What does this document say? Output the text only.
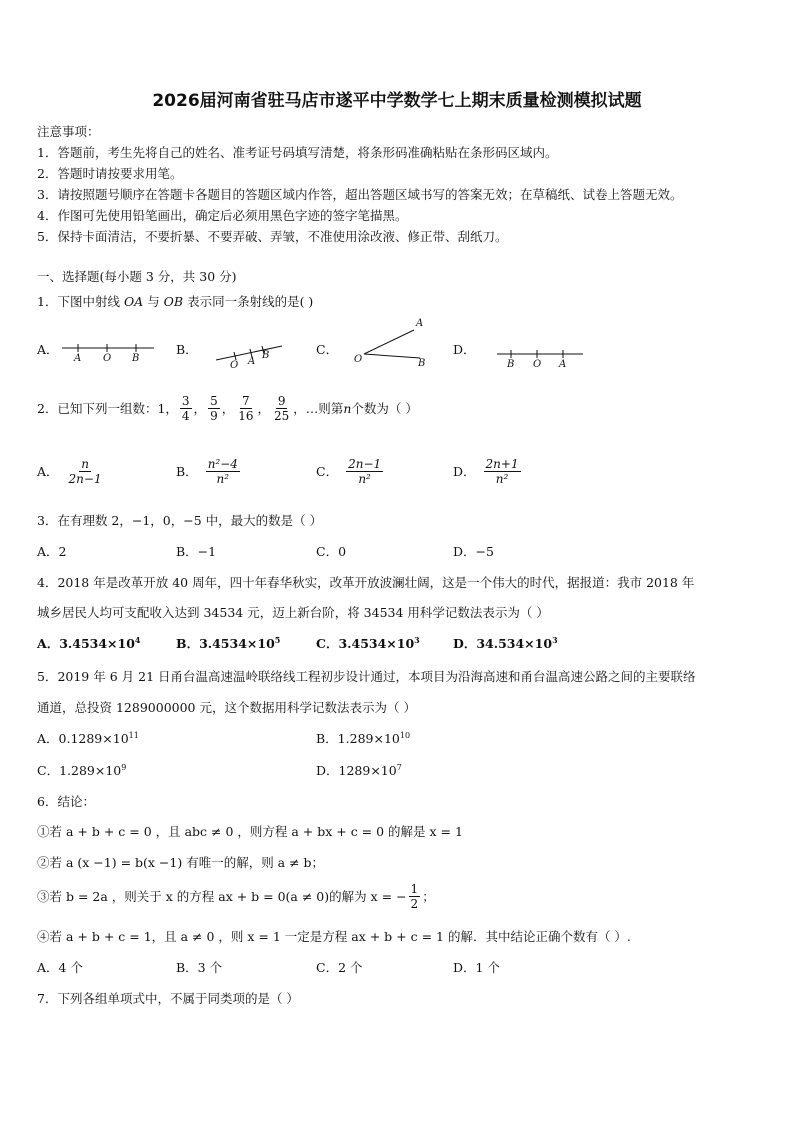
2026届河南省驻马店市遂平中学数学七上期末质量检测模拟试题
注意事项：
1．答题前，考生先将自己的姓名、准考证号码填写清楚，将条形码准确粘贴在条形码区域内。
2．答题时请按要求用笔。
3．请按照题号顺序在答题卡各题目的答题区域内作答，超出答题区域书写的答案无效；在草稿纸、试卷上答题无效。
4．作图可先使用铅笔画出，确定后必须用黑色字迹的签字笔描黑。
5．保持卡面清洁，不要折暴、不要弄破、弄皱，不准使用涂改液、修正带、刮纸刀。
一、选择题(每小题 3 分，共 30 分)
1．下图中射线 OA 与 OB 表示同一条射线的是( )
A．
A O B
B．
O A
B	C．
A
O	B
D．
B O A
2．已知下列一组数：1， $\frac{3}{4}$ ， $\frac{5}{9}$ ， $\frac{7}{16}$ ， $\frac{9}{25}$ ，…则第 n 个数为（ ）
A． $\frac{n}{2n-1}$	B． $\frac{\text{n²−4}}{\text{n²}}$	C． $\frac{2n-1}{\text{n²}}$	D． $\frac{2n+1}{\text{n²}}$
3．在有理数 2，−1，0，−5 中，最大的数是（ ）
A．2	B．−1	C．0	D．−5
4．2018 年是改革开放 40 周年，四十年春华秋实，改革开放波澜壮阔，这是一个伟大的时代，据报道：我市 2018 年
城乡居民人均可支配收入达到 34534 元，迈上新台阶，将 34534 用科学记数法表示为（ ）
A．$3.4534\times 10^4$	B．$3.4534\times 10^5$	C．$3.4534\times 10^3$	D．$34.534\times 10^3$
5．2019 年 6 月 21 日甬台温高速温岭联络线工程初步设计通过，本项目为沿海高速和甬台温高速公路之间的主要联络
通道，总投资 1289000000 元，这个数据用科学记数法表示为（ ）
A．$0.1289\times 10^{11}$	B．$1.289\times 10^{10}$
C．$1.289\times 10^9$	D．$1289\times 10^7$
6．结论：
①若 a + b + c = 0 ，且 abc ≠ 0 ，则方程 a + bx + c = 0 的解是 x = 1
②若 a (x −1) = b(x −1) 有唯一的解，则 a ≠ b；
③若 b = 2a ，则关于 x 的方程 ax + b = 0(a ≠ 0)的解为 x = − $\frac{1}{2}$ ；
④若 a + b + c = 1，且 a ≠ 0 ，则 x = 1 一定是方程 ax + b + c = 1 的解．其中结论正确个数有（ ）.
A．4 个	B．3 个	C．2 个	D．1 个
7．下列各组单项式中，不属于同类项的是（ ）
